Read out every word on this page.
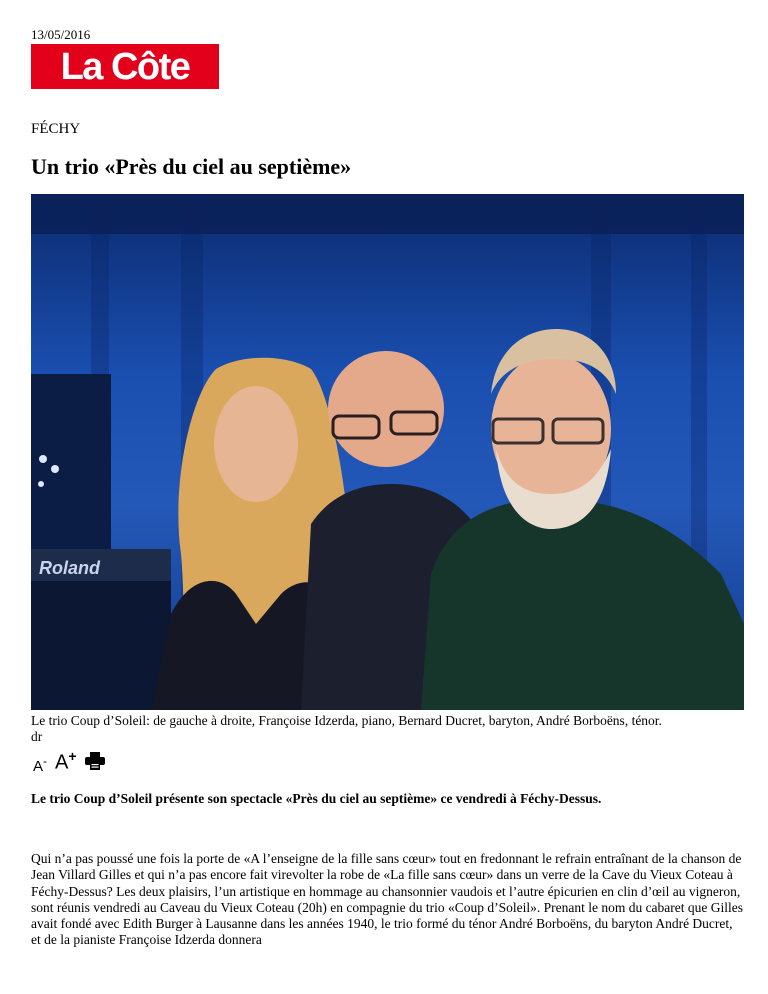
13/05/2016
La Côte
FÉCHY
Un trio «Près du ciel au septième»
Roland
Le trio Coup d’Soleil: de gauche à droite, Françoise Idzerda, piano, Bernard Ducret, baryton, André Borboëns, ténor.
dr
A- A+
Le trio Coup d’Soleil présente son spectacle «Près du ciel au septième» ce vendredi à Féchy-Dessus.
Qui n’a pas poussé une fois la porte de «A l’enseigne de la fille sans cœur» tout en fredonnant le refrain entraînant de la chanson de Jean Villard Gilles et qui n’a pas encore fait virevolter la robe de «La fille sans cœur» dans un verre de la Cave du Vieux Coteau à Féchy-Dessus? Les deux plaisirs, l’un artistique en hommage au chansonnier vaudois et l’autre épicurien en clin d’œil au vigneron, sont réunis vendredi au Caveau du Vieux Coteau (20h) en compagnie du trio «Coup d’Soleil». Prenant le nom du cabaret que Gilles avait fondé avec Edith Burger à Lausanne dans les années 1940, le trio formé du ténor André Borboëns, du baryton André Ducret, et de la pianiste Françoise Idzerda donnera
